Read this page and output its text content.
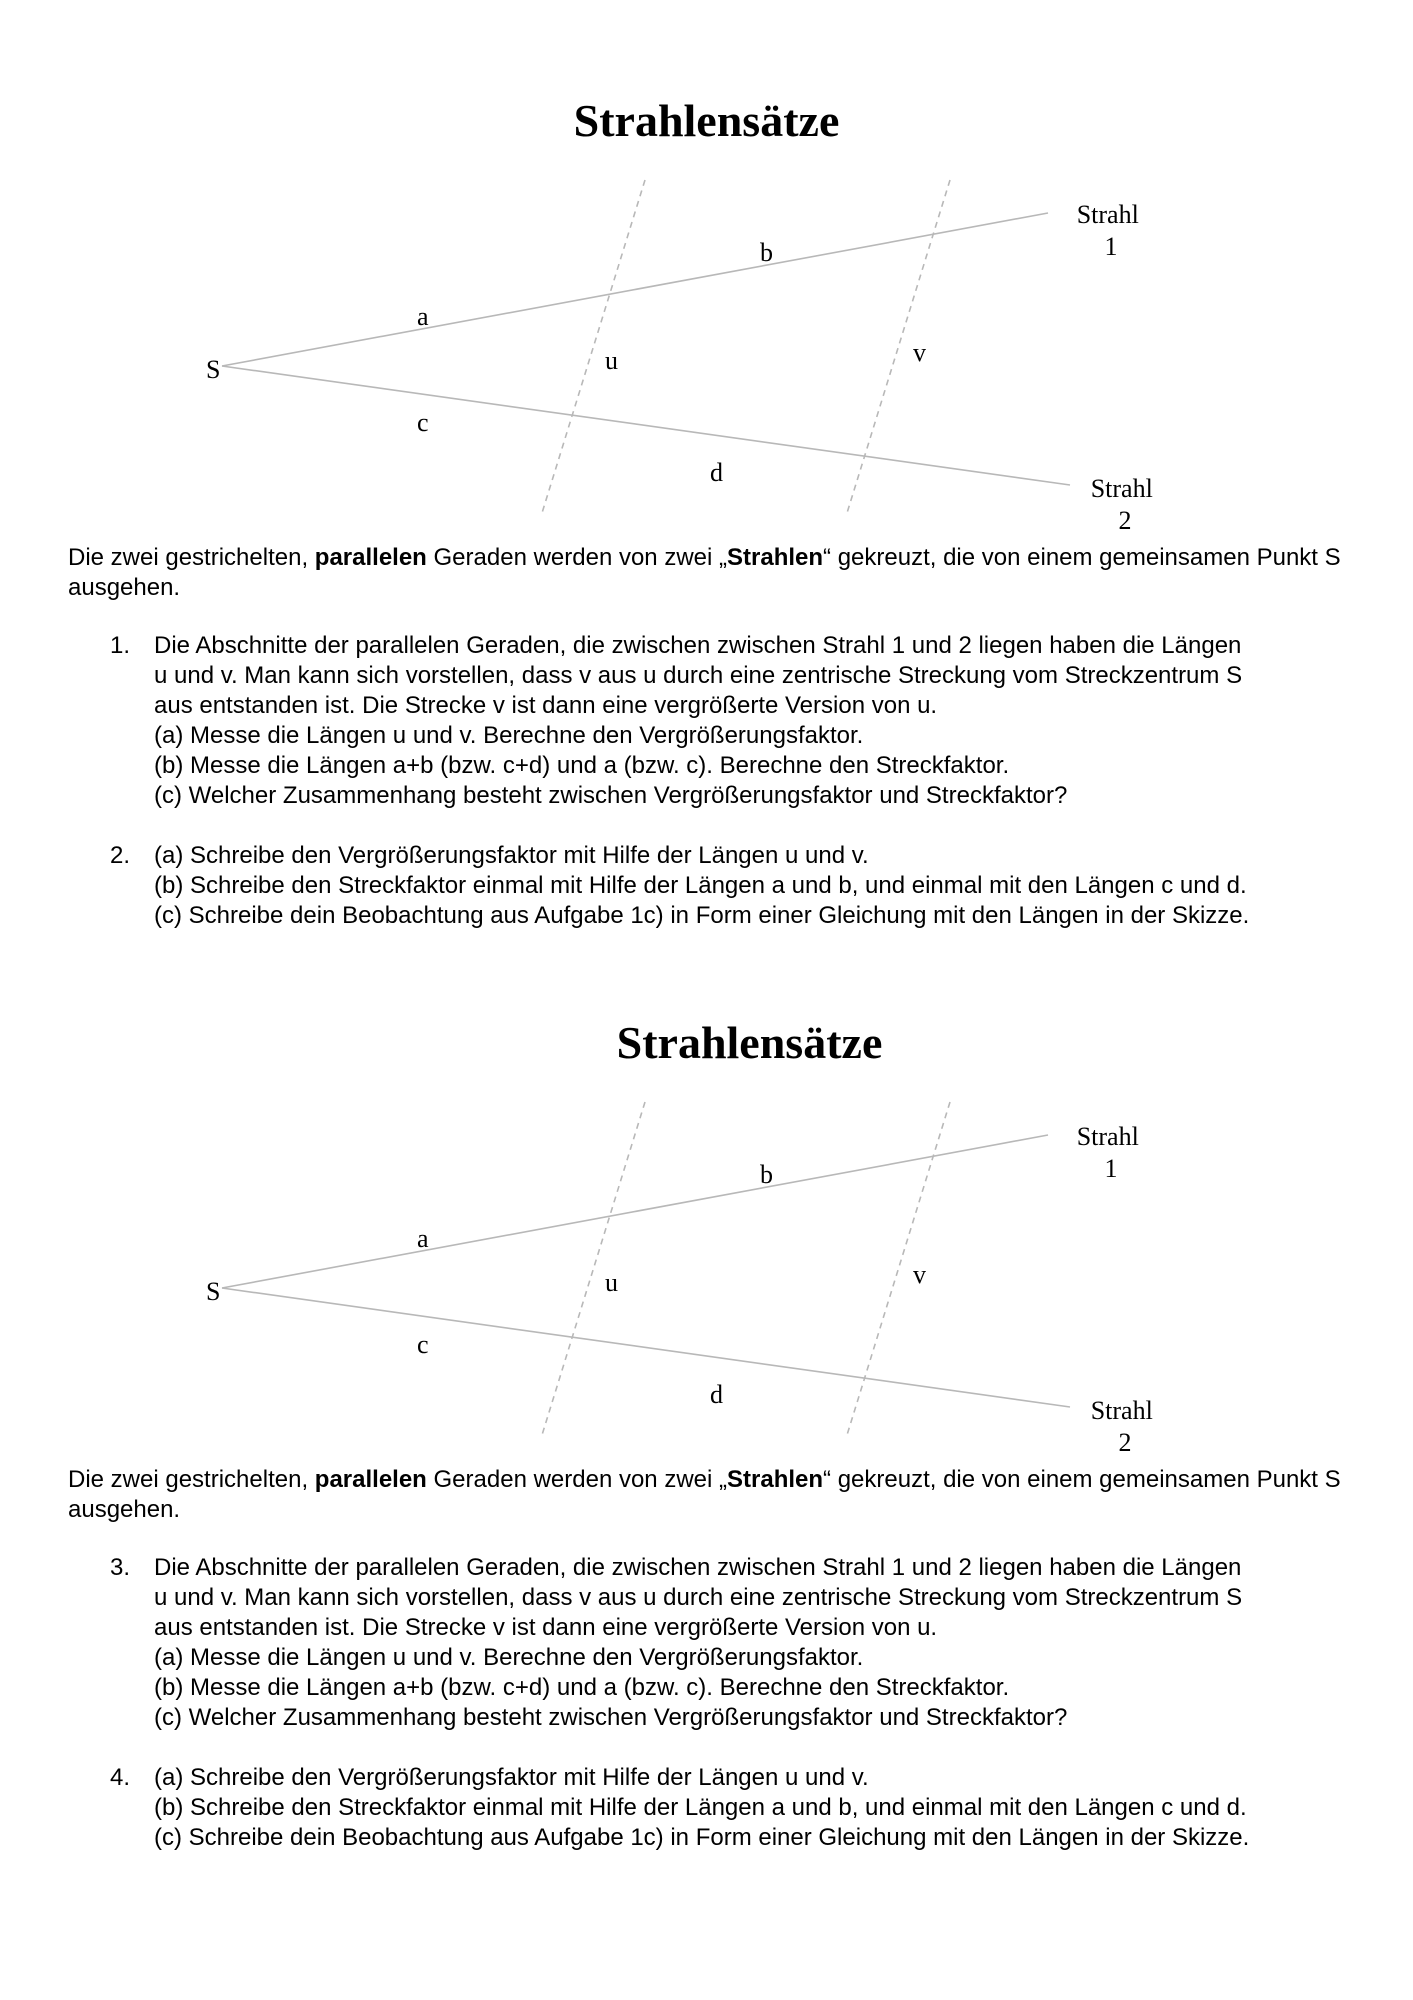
Strahlensätze
S
Strahl 1
Strahl 2
a
b
c
d
u	v

Die zwei gestrichelten, parallelen Geraden werden von zwei „Strahlen“ gekreuzt, die von einem gemeinsamen Punkt S ausgehen.

1. Die Abschnitte der parallelen Geraden, die zwischen zwischen Strahl 1 und 2 liegen haben die Längen
u und v. Man kann sich vorstellen, dass v aus u durch eine zentrische Streckung vom Streckzentrum S
aus entstanden ist. Die Strecke v ist dann eine vergrößerte Version von u.
(a) Messe die Längen u und v. Berechne den Vergrößerungsfaktor.
(b) Messe die Längen a+b (bzw. c+d) und a (bzw. c). Berechne den Streckfaktor.
(c) Welcher Zusammenhang besteht zwischen Vergrößerungsfaktor und Streckfaktor?
2. (a) Schreibe den Vergrößerungsfaktor mit Hilfe der Längen u und v.
(b) Schreibe den Streckfaktor einmal mit Hilfe der Längen a und b, und einmal mit den Längen c und d.
(c) Schreibe dein Beobachtung aus Aufgabe 1c) in Form einer Gleichung mit den Längen in der Skizze.
Strahlensätze
S
Strahl 1
Strahl 2
a
b
c
d
u	v

Die zwei gestrichelten, parallelen Geraden werden von zwei „Strahlen“ gekreuzt, die von einem gemeinsamen Punkt S ausgehen.

3. Die Abschnitte der parallelen Geraden, die zwischen zwischen Strahl 1 und 2 liegen haben die Längen
u und v. Man kann sich vorstellen, dass v aus u durch eine zentrische Streckung vom Streckzentrum S
aus entstanden ist. Die Strecke v ist dann eine vergrößerte Version von u.
(a) Messe die Längen u und v. Berechne den Vergrößerungsfaktor.
(b) Messe die Längen a+b (bzw. c+d) und a (bzw. c). Berechne den Streckfaktor.
(c) Welcher Zusammenhang besteht zwischen Vergrößerungsfaktor und Streckfaktor?
4. (a) Schreibe den Vergrößerungsfaktor mit Hilfe der Längen u und v.
(b) Schreibe den Streckfaktor einmal mit Hilfe der Längen a und b, und einmal mit den Längen c und d.
(c) Schreibe dein Beobachtung aus Aufgabe 1c) in Form einer Gleichung mit den Längen in der Skizze.
